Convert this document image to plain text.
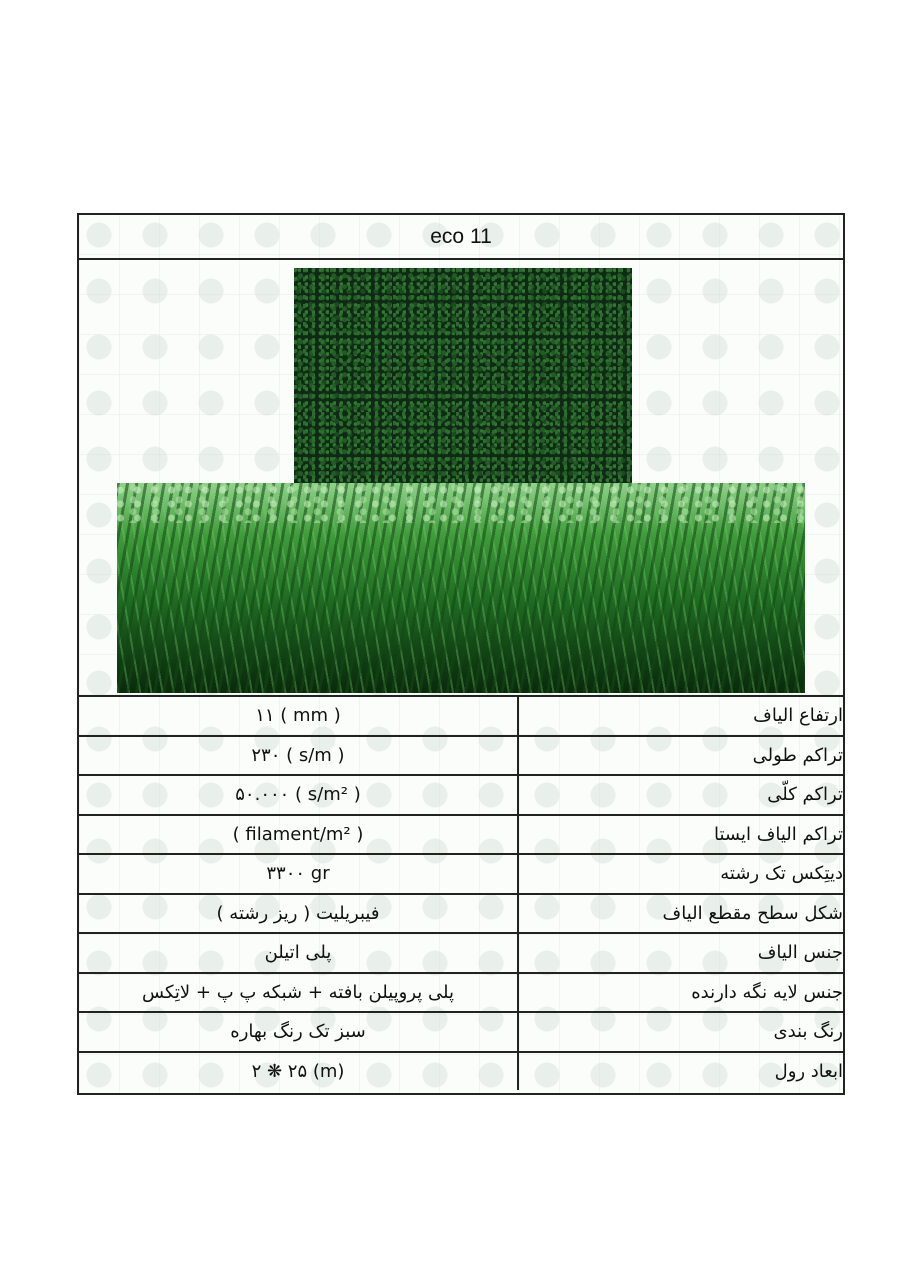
eco 11
۱۱ ( mm )	ارتفاع الیاف
۲۳۰ ( s/m )	تراکم طولی
۵۰.۰۰۰ ( s/m² )	تراکم کلّی
( filament/m² )	تراکم الیاف ایستا
۳۳۰۰ gr	دیتِکس تک رشته
فیبریلیت ( ریز رشته )	شکل سطح مقطع الیاف
پلی اتیلن	جنس الیاف
پلی پروپیلن بافته + شبکه پ پ + لاتِکس	جنس لایه نگه دارنده
سبز تک رنگ بهاره	رنگ بندی
۲ ❋ ۲۵ (m)	ابعاد رول
